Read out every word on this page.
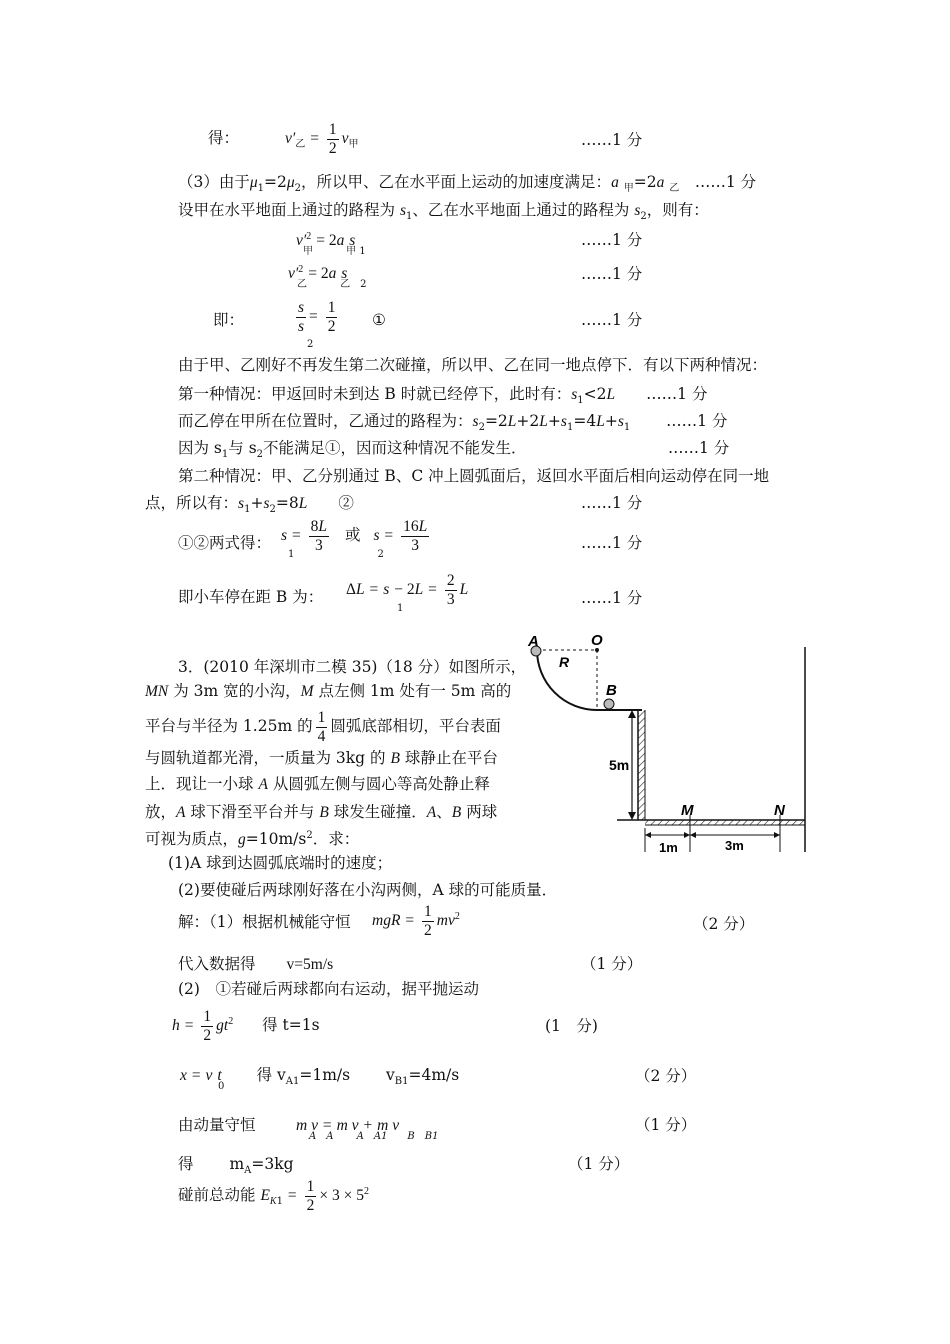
得：	$v'_乙 = \frac{1}{2} v_甲$	……1 分
（3）由于$\mu_1=2\mu_2$，所以甲、乙在水平面上运动的加速度满足：a $_甲$=2a $_乙$　 ……1 分
设甲在水平地面上通过的路程为 $s_1$、乙在水平地面上通过的路程为 $s_2$，则有：
$v'^2 = 2a$ s
甲　　　 甲 1
……1 分
$v'^2 = 2a$ s
乙　　　 乙　2
……1 分
即：	$\frac{s}{s} = \frac{1}{2}$ ①
2
……1 分
由于甲、乙刚好不再发生第二次碰撞，所以甲、乙在同一地点停下．有以下两种情况：
第一种情况：甲返回时未到达 B 时就已经停下，此时有：$s_1<2L$　　 ……1 分
而乙停在甲所在位置时，乙通过的路程为：$s_2=2L+2L+s_1=4L+s_1$　　 ……1 分
因为 $s_1$与 $s_2$不能满足①，因而这种情况不能发生．	……1 分
第二种情况：甲、乙分别通过 B、C 冲上圆弧面后，返回水平面后相向运动停在同一地
点，所以有：$s_1+s_2=8L$　　 ②	……1 分
①②两式得： $s = \frac{8L}{3}$ 或 $s = \frac{16L}{3}$
1　　　　　　　　 2
……1 分
即小车停在距 B 为： $\Delta L = s - 2L = \frac{2}{3}$ L
1
……1 分
3．(2010 年深圳市二模 35)（18 分）如图所示，
MN 为 3m 宽的小沟，M 点左侧 1m 处有一 5m 高的
平台与半径为 1.25m 的 $\frac{1}{4}$ 圆弧底部相切，平台表面
与圆轨道都光滑，一质量为 3kg 的 B 球静止在平台
上．现让一小球 A 从圆弧左侧与圆心等高处静止释
放，A 球下滑至平台并与 B 球发生碰撞．A、B 两球
可视为质点，$g=10m/s^2$．求：
(1)A 球到达圆弧底端时的速度；
(2)要使碰后两球刚好落在小沟两侧，A 球的可能质量．
A	O
R
B
5m
M	N
1m	3m
解：（1）根据机械能守恒 mgR = $\frac{1}{2} mv^2$	（2 分）
代入数据得　　 v=5m/s	（1 分）
(2)　①若碰后两球都向右运动，据平抛运动
$h = \frac{1}{2} gt^2$ 得 t=1s	(1　分)
x = v t 得 $v_{A1}=1m/s$　　 $v_{B1}=4m/s$
0
（2 分）
由动量守恒	m v = m v + m v
A　A　　 A　A1　　B　B1
（1 分）
得　　 $m_A=3kg$	（1 分）
碰前总动能 $E_{K1} = \frac{1}{2} \times 3 \times 5^2$
